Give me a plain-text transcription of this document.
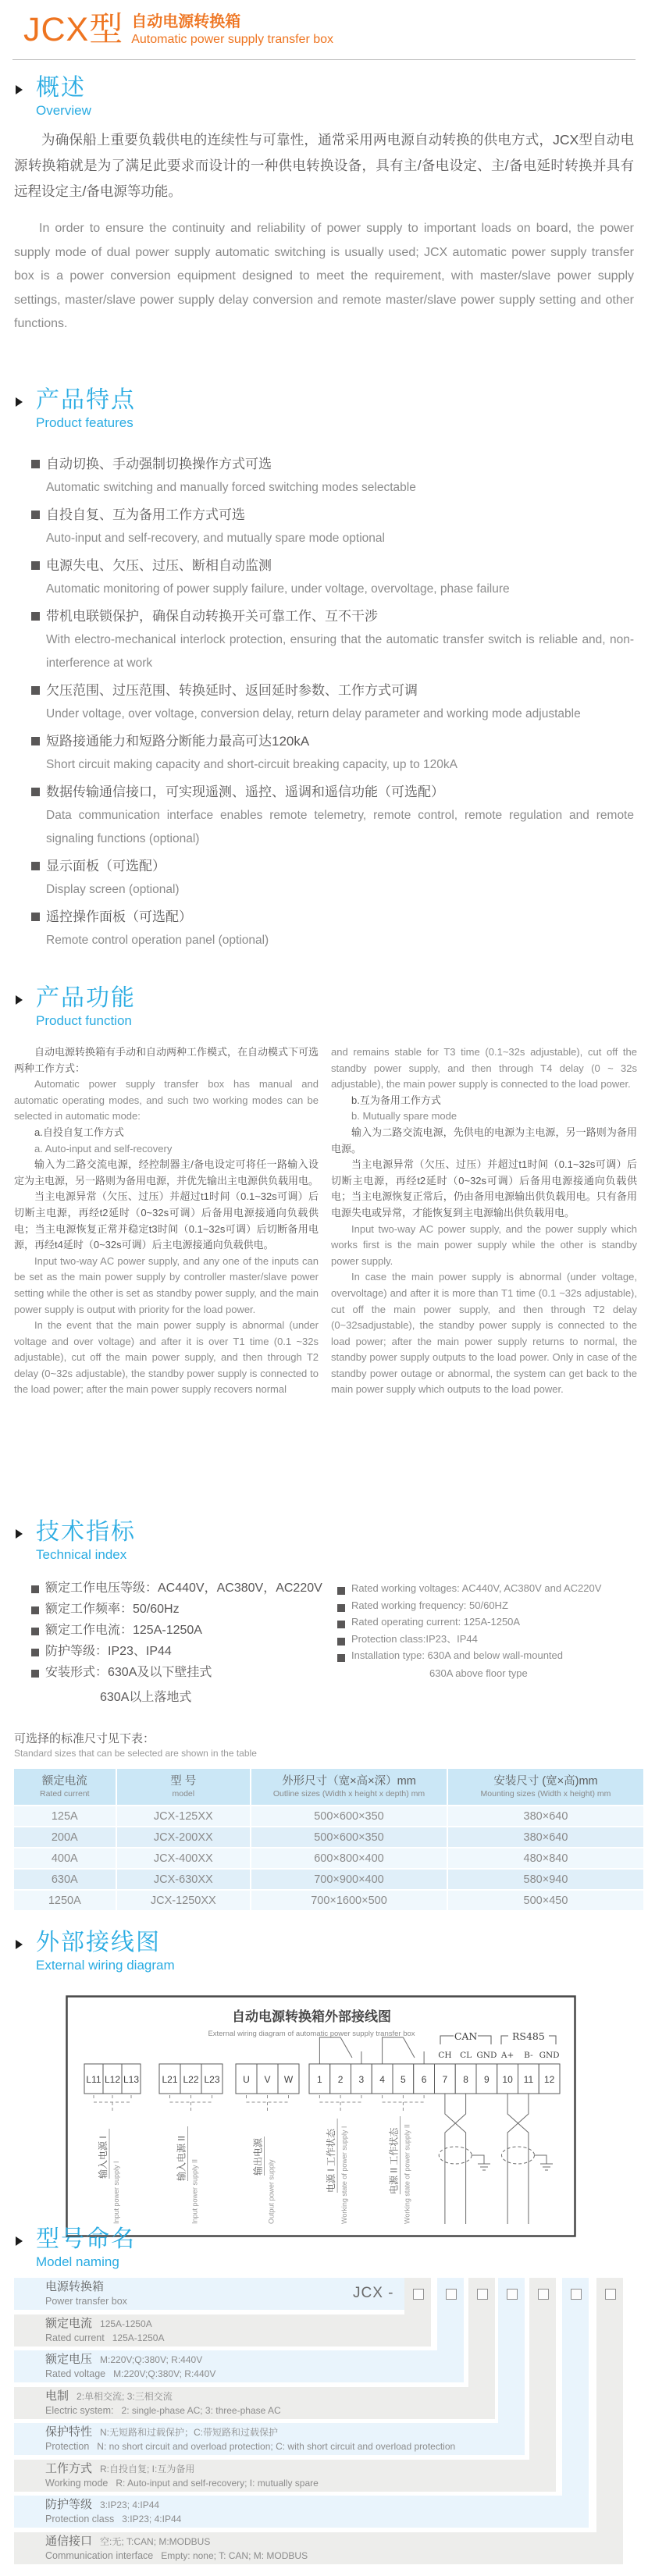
JCX型 自动电源转换箱
Automatic power supply transfer box
概述
Overview
为确保船上重要负载供电的连续性与可靠性，通常采用两电源自动转换的供电方式，JCX型自动电源转换箱就是为了满足此要求而设计的一种供电转换设备，具有主/备电设定、主/备电延时转换并具有远程设定主/备电源等功能。
In order to ensure the continuity and reliability of power supply to important loads on board, the power supply mode of dual power supply automatic switching is usually used; JCX automatic power supply transfer box is a power conversion equipment designed to meet the requirement, with master/slave power supply settings, master/slave power supply delay conversion and remote master/slave power supply setting and other functions.
产品特点
Product features
自动切换、手动强制切换操作方式可选
Automatic switching and manually forced switching modes selectable
自投自复、互为备用工作方式可选
Auto-input and self-recovery, and mutually spare mode optional
电源失电、欠压、过压、断相自动监测
Automatic monitoring of power supply failure, under voltage, overvoltage, phase failure
带机电联锁保护，确保自动转换开关可靠工作、互不干涉
With electro-mechanical interlock protection, ensuring that the automatic transfer switch is reliable and, non-interference at work
欠压范围、过压范围、转换延时、返回延时参数、工作方式可调
Under voltage, over voltage, conversion delay, return delay parameter and working mode adjustable
短路接通能力和短路分断能力最高可达120kA
Short circuit making capacity and short-circuit breaking capacity, up to 120kA
数据传输通信接口，可实现遥测、遥控、遥调和遥信功能（可选配）
Data communication interface enables remote telemetry, remote control, remote regulation and remote signaling functions (optional)
显示面板（可选配）
Display screen (optional)
遥控操作面板（可选配）
Remote control operation panel (optional)
产品功能
Product function

自动电源转换箱有手动和自动两种工作模式，在自动模式下可选两种工作方式：

Automatic power supply transfer box has manual and automatic operating modes, and such two working modes can be selected in automatic mode:

a.自投自复工作方式

a. Auto-input and self-recovery

输入为二路交流电源，经控制器主/备电设定可将任一路输入设定为主电源，另一路则为备用电源，并优先输出主电源供负载用电。

当主电源异常（欠压、过压）并超过t1时间（0.1~32s可调）后切断主电源，再经t2延时（0~32s可调）后备用电源接通向负载供电；当主电源恢复正常并稳定t3时间（0.1~32s可调）后切断备用电源，再经t4延时（0~32s可调）后主电源接通向负载供电。

Input two-way AC power supply, and any one of the inputs can be set as the main power supply by controller master/slave power setting while the other is set as standby power supply, and the main power supply is output with priority for the load power.

In the event that the main power supply is abnormal (under voltage and over voltage) and after it is over T1 time (0.1 ~32s adjustable), cut off the main power supply, and then through T2 delay (0~32s adjustable), the standby power supply is connected to the load power; after the main power supply recovers normal

and remains stable for T3 time (0.1~32s adjustable), cut off the standby power supply, and then through T4 delay (0 ~ 32s adjustable), the main power supply is connected to the load power.

b.互为备用工作方式

b. Mutually spare mode

输入为二路交流电源，先供电的电源为主电源，另一路则为备用电源。

当主电源异常（欠压、过压）并超过t1时间（0.1~32s可调）后切断主电源，再经t2延时（0~32s可调）后备用电源接通向负载供电；当主电源恢复正常后，仍由备用电源输出供负载用电。只有备用电源失电或异常，才能恢复到主电源输出供负载用电。

Input two-way AC power supply, and the power supply which works first is the main power supply while the other is standby power supply.

In case the main power supply is abnormal (under voltage, overvoltage) and after it is more than T1 time (0.1 ~32s adjustable), cut off the main power supply, and then through T2 delay (0~32sadjustable), the standby power supply is connected to the load power; after the main power supply returns to normal, the standby power supply outputs to the load power. Only in case of the standby power outage or abnormal, the system can get back to the main power supply which outputs to the load power.

技术指标
Technical index
额定工作电压等级：AC440V，AC380V，AC220V
额定工作频率：50/60Hz
额定工作电流：125A-1250A
防护等级：IP23、IP44
安装形式：630A及以下壁挂式
630A以上落地式
Rated working voltages: AC440V, AC380V and AC220V
Rated working frequency: 50/60HZ
Rated operating current: 125A-1250A
Protection class:IP23、IP44
Installation type: 630A and below wall-mounted
630A above floor type
可选择的标准尺寸见下表：
Standard sizes that can be selected are shown in the table
额定电流
Rated current
型 号
model
外形尺寸（宽×高×深）mm
Outline sizes (Width x height x depth) mm
安装尺寸 (宽×高)mm
Mounting sizes (Width x height) mm
125A	JCX-125XX	500×600×350	380×640
200A	JCX-200XX	500×600×350	380×640
400A	JCX-400XX	600×800×400	480×840
630A	JCX-630XX	700×900×400	580×940
1250A	JCX-1250XX	700×1600×500	500×450
外部接线图
External wiring diagram
自动电源转换箱外部接线图
External wiring diagram of automatic power supply transfer box	CAN	RS485
CH CL GND A+ B- GND
L11 L12 L13 L21 L22 L23 U V W	1 2 3 4 5 6 7 8 9 10 11 12
输入电源 I
Input power supply I
输入电源 II
Input power supply II
输出电源
Output power supply	电源 I 工作状态 Working state of power supply I	电源 II 工作状态 Working state of power supply II
型号命名
Model naming
JCX -
电源转换箱
Power transfer box
额定电流 125A-1250A
Rated current 125A-1250A
额定电压 M:220V;Q:380V; R:440V
Rated voltage M:220V;Q:380V; R:440V
电制 2:单相交流; 3:三相交流
Electric system: 2: single-phase AC; 3: three-phase AC
保护特性 N:无短路和过载保护；C:带短路和过载保护
Protection N: no short circuit and overload protection; C: with short circuit and overload protection
工作方式 R:自投自复; I:互为备用
Working mode R: Auto-input and self-recovery; I: mutually spare
防护等级 3:IP23; 4:IP44
Protection class 3:IP23; 4:IP44
通信接口 空:无; T:CAN; M:MODBUS
Communication interface Empty: none; T: CAN; M: MODBUS
